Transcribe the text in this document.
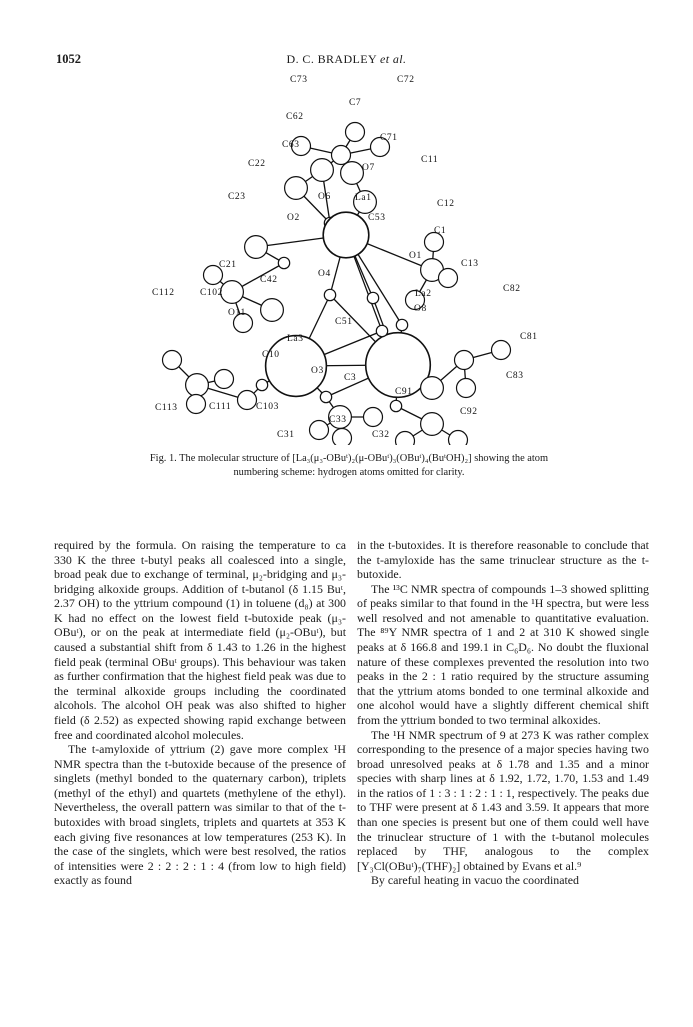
1052	D. C. BRADLEY et al.
C73	C72
C7
C62
C71
C63
C22	O7
C11
C23	O6	La1
C12
O2	C53
C1
C21
O1
C13
C42
O4
La2	C82
C112	C102
O11	O8
C51
C81
La3
C10
O3	C83
C3
C91
C113	C111	C103	C92
C33
C31	C32
Fig. 1. The molecular structure of [La₃(μ₃-OBuᵗ)₂(μ-OBuᵗ)₃(OBuᵗ)₄(BuᵗOH)₂] showing the atom
numbering scheme: hydrogen atoms omitted for clarity.

required by the formula. On raising the temperature to ca 330 K the three t-butyl peaks all coalesced into a single, broad peak due to exchange of terminal, μ₂-bridging and μ₃-bridging alkoxide groups. Addition of t-butanol (δ 1.15 Buᵗ, 2.37 OH) to the yttrium compound (1) in toluene (d₈) at 300 K had no effect on the lowest field t-butoxide peak (μ₃-OBuᵗ), or on the peak at intermediate field (μ₂-OBuᵗ), but caused a substantial shift from δ 1.43 to 1.26 in the highest field peak (terminal OBuᵗ groups). This behaviour was taken as further confirmation that the highest field peak was due to the terminal alkoxide groups including the coordinated alcohols. The alcohol OH peak was also shifted to higher field (δ 2.52) as expected showing rapid exchange between free and coordinated alcohol molecules.

The t-amyloxide of yttrium (2) gave more complex ¹H NMR spectra than the t-butoxide because of the presence of singlets (methyl bonded to the quaternary carbon), triplets (methyl of the ethyl) and quartets (methylene of the ethyl). Nevertheless, the overall pattern was similar to that of the t-butoxides with broad singlets, triplets and quartets at 353 K each giving five resonances at low temperatures (253 K). In the case of the singlets, which were best resolved, the ratios of intensities were 2 : 2 : 2 : 1 : 4 (from low to high field) exactly as found

in the t-butoxides. It is therefore reasonable to conclude that the t-amyloxide has the same trinuclear structure as the t-butoxide.

The ¹³C NMR spectra of compounds 1–3 showed splitting of peaks similar to that found in the ¹H spectra, but were less well resolved and not amenable to quantitative evaluation. The ⁸⁹Y NMR spectra of 1 and 2 at 310 K showed single peaks at δ 166.8 and 199.1 in C₆D₆. No doubt the fluxional nature of these complexes prevented the resolution into two peaks in the 2 : 1 ratio required by the structure assuming that the yttrium atoms bonded to one terminal alkoxide and one alcohol would have a slightly different chemical shift from the yttrium bonded to two terminal alkoxides.

The ¹H NMR spectrum of 9 at 273 K was rather complex corresponding to the presence of a major species having two broad unresolved peaks at δ 1.78 and 1.35 and a minor species with sharp lines at δ 1.92, 1.72, 1.70, 1.53 and 1.49 in the ratios of 1 : 3 : 1 : 2 : 1 : 1, respectively. The peaks due to THF were present at δ 1.43 and 3.59. It appears that more than one species is present but one of them could well have the trinuclear structure of 1 with the t-butanol molecules replaced by THF, analogous to the complex [Y₃Cl(OBuᵗ)₇(THF)₂] obtained by Evans et al.⁹

By careful heating in vacuo the coordinated
